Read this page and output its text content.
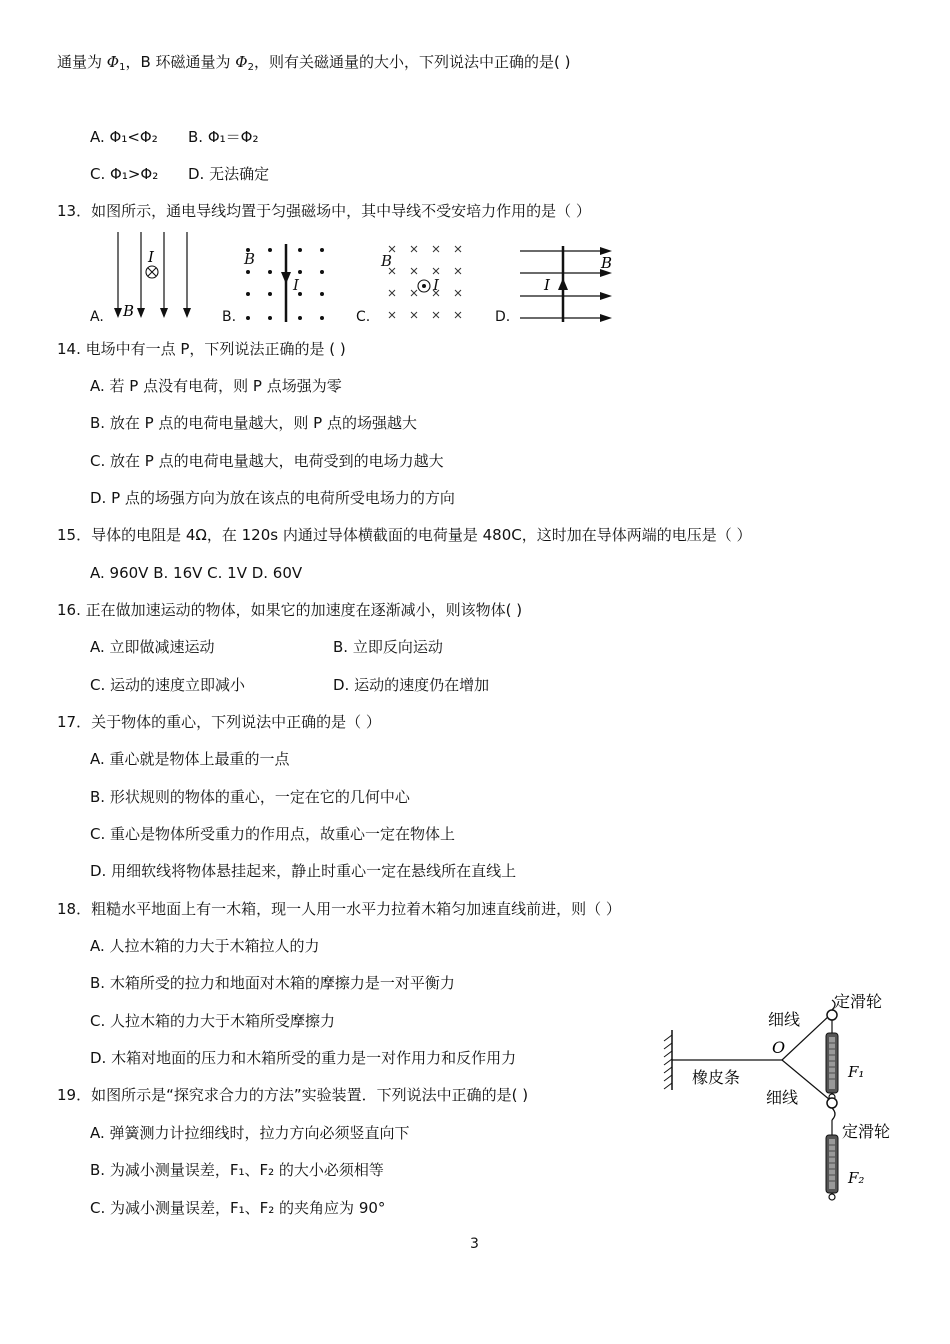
通量为 $\Phi_1$，B 环磁通量为 $\Phi_2$，则有关磁通量的大小，下列说法中正确的是( )
A. Φ₁<Φ₂ B. Φ₁＝Φ₂
C. Φ₁>Φ₂ D. 无法确定
13．如图所示，通电导线均置于匀强磁场中，其中导线不受安培力作用的是（ ）
A.	B.	C.	D.
I
B
B
I
B
I
B
I
14. 电场中有一点 P，下列说法正确的是 ( )
A. 若 P 点没有电荷，则 P 点场强为零
B. 放在 P 点的电荷电量越大，则 P 点的场强越大
C. 放在 P 点的电荷电量越大，电荷受到的电场力越大
D. P 点的场强方向为放在该点的电荷所受电场力的方向
15．导体的电阻是 4Ω，在 120s 内通过导体横截面的电荷量是 480C，这时加在导体两端的电压是（ ）
A. 960V B. 16V C. 1V D. 60V
16. 正在做加速运动的物体，如果它的加速度在逐渐减小，则该物体( )
A. 立即做减速运动	B. 立即反向运动
C. 运动的速度立即减小	D. 运动的速度仍在增加
17．关于物体的重心，下列说法中正确的是（ ）
A. 重心就是物体上最重的一点
B. 形状规则的物体的重心，一定在它的几何中心
C. 重心是物体所受重力的作用点，故重心一定在物体上
D. 用细软线将物体悬挂起来，静止时重心一定在悬线所在直线上
18．粗糙水平地面上有一木箱，现一人用一水平力拉着木箱匀加速直线前进，则（ ）
A. 人拉木箱的力大于木箱拉人的力
B. 木箱所受的拉力和地面对木箱的摩擦力是一对平衡力
C. 人拉木箱的力大于木箱所受摩擦力
D. 木箱对地面的压力和木箱所受的重力是一对作用力和反作用力
19．如图所示是“探究求合力的方法”实验装置．下列说法中正确的是( )
A. 弹簧测力计拉细线时，拉力方向必须竖直向下
B. 为减小测量误差，F₁、F₂ 的大小必须相等
C. 为减小测量误差，F₁、F₂ 的夹角应为 90°
定滑轮
细线
O
橡皮条
细线
定滑轮
F₁
F₂
3
